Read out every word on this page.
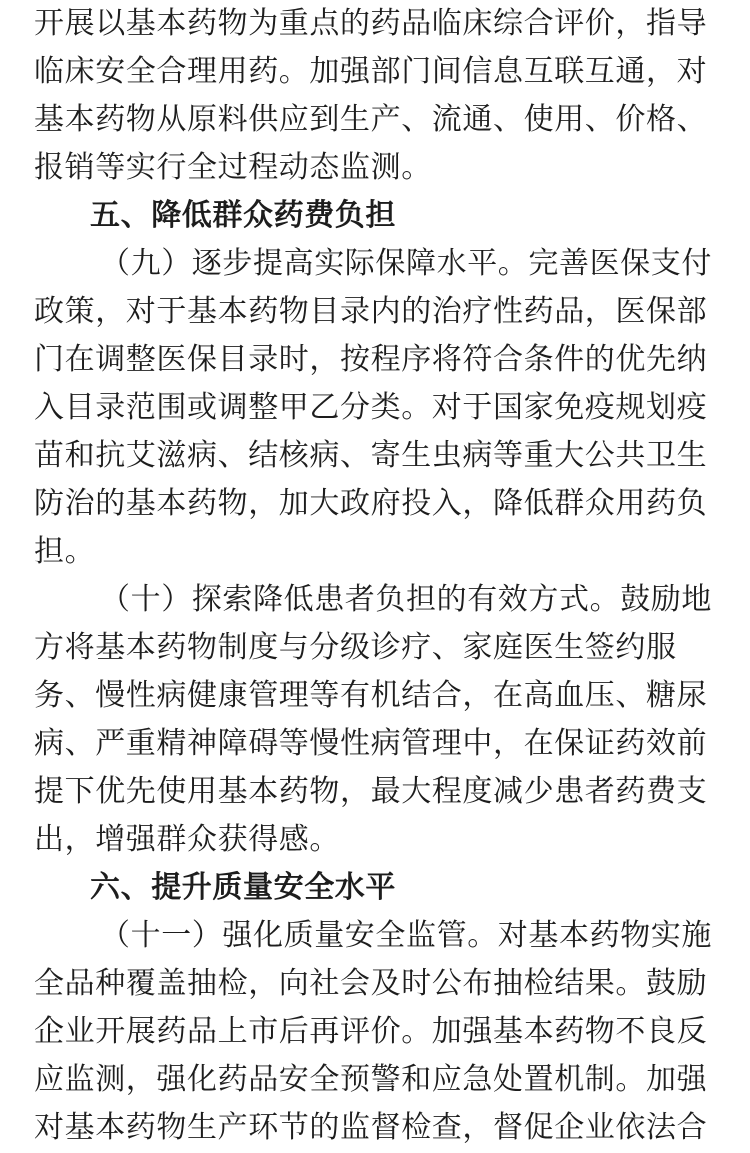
开展以基本药物为重点的药品临床综合评价，指导
临床安全合理用药。加强部门间信息互联互通，对
基本药物从原料供应到生产、流通、使用、价格、
报销等实行全过程动态监测。
五、降低群众药费负担
（九）逐步提高实际保障水平。完善医保支付
政策，对于基本药物目录内的治疗性药品，医保部
门在调整医保目录时，按程序将符合条件的优先纳
入目录范围或调整甲乙分类。对于国家免疫规划疫
苗和抗艾滋病、结核病、寄生虫病等重大公共卫生
防治的基本药物，加大政府投入，降低群众用药负
担。
（十）探索降低患者负担的有效方式。鼓励地
方将基本药物制度与分级诊疗、家庭医生签约服
务、慢性病健康管理等有机结合，在高血压、糖尿
病、严重精神障碍等慢性病管理中，在保证药效前
提下优先使用基本药物，最大程度减少患者药费支
出，增强群众获得感。
六、提升质量安全水平
（十一）强化质量安全监管。对基本药物实施
全品种覆盖抽检，向社会及时公布抽检结果。鼓励
企业开展药品上市后再评价。加强基本药物不良反
应监测，强化药品安全预警和应急处置机制。加强
对基本药物生产环节的监督检查，督促企业依法合
